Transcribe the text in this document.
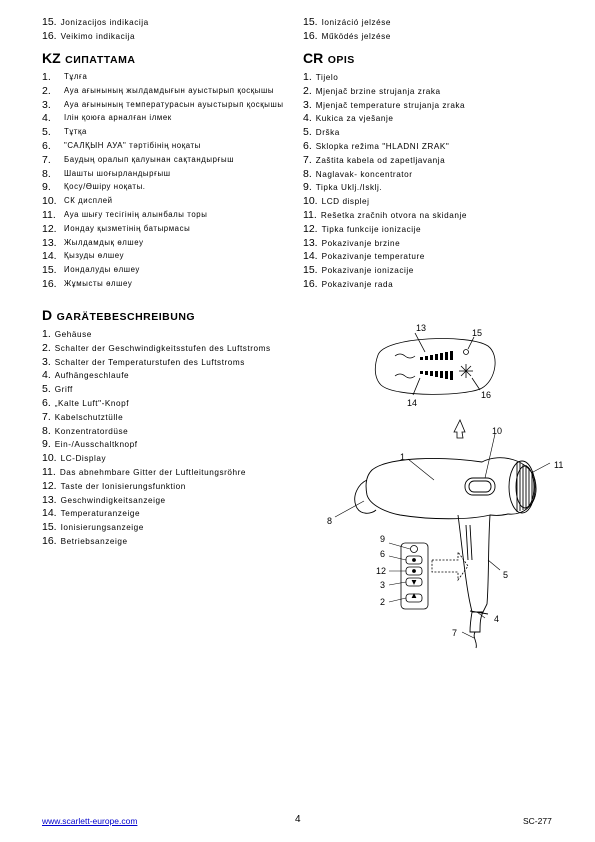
15. Jonizacijos indikacija
16. Veikimo indikacija
15. Ionizáció jelzése
16. Működés jelzése
KZ СИПАТТАМА
1. Тұлға
2. Ауа ағынының жылдамдығын ауыстырып қосқышы
3. Ауа ағынының температурасын ауыстырып қосқышы
4. Ілін қоюға арналған ілмек
5. Тұтқа
6. "САЛҚЫН АУА" тәртібінің ноқаты
7. Баудың оралып қалуынан сақтандырғыш
8. Шашты шоғырландырғыш
9. Қосу/Өшіру ноқаты.
10. СК дисплей
11. Ауа шығу тесігінің алынбалы торы
12. Иондау қызметінің батырмасы
13. Жылдамдық өлшеу
14. Қызуды өлшеу
15. Иондалуды өлшеу
16. Жұмысты өлшеу
CR OPIS
1. Tijelo
2. Mjenjač brzine strujanja zraka
3. Mjenjač temperature strujanja zraka
4. Kukica za vješanje
5. Drška
6. Sklopka režima "HLADNI ZRAK"
7. Zaštita kabela od zapetljavanja
8. Naglavak- koncentrator
9. Tipka Uklj./Isklj.
10. LCD displej
11. Rešetka zračnih otvora na skidanje
12. Tipka funkcije ionizacije
13. Pokazivanje brzine
14. Pokazivanje temperature
15. Pokazivanje ionizacije
16. Pokazivanje rada
D GARÄTEBESCHREIBUNG
1. Gehäuse
2. Schalter der Geschwindigkeitsstufen des Luftstroms
3. Schalter der Temperaturstufen des Luftstroms
4. Aufhängeschlaufe
5. Griff
6. „Kalte Luft"-Knopf
7. Kabelschutztülle
8. Konzentratordüse
9. Ein-/Ausschaltknopf
10. LC-Display
11. Das abnehmbare Gitter der Luftleitungsröhre
12. Taste der Ionisierungsfunktion
13. Geschwindigkeitsanzeige
14. Temperaturanzeige
15. Ionisierungsanzeige
16. Betriebsanzeige
13	15
16
14
10
1
11
8
5
4
7
9
6
12
3
2
www.scarlett-europe.com	4	SC-277
